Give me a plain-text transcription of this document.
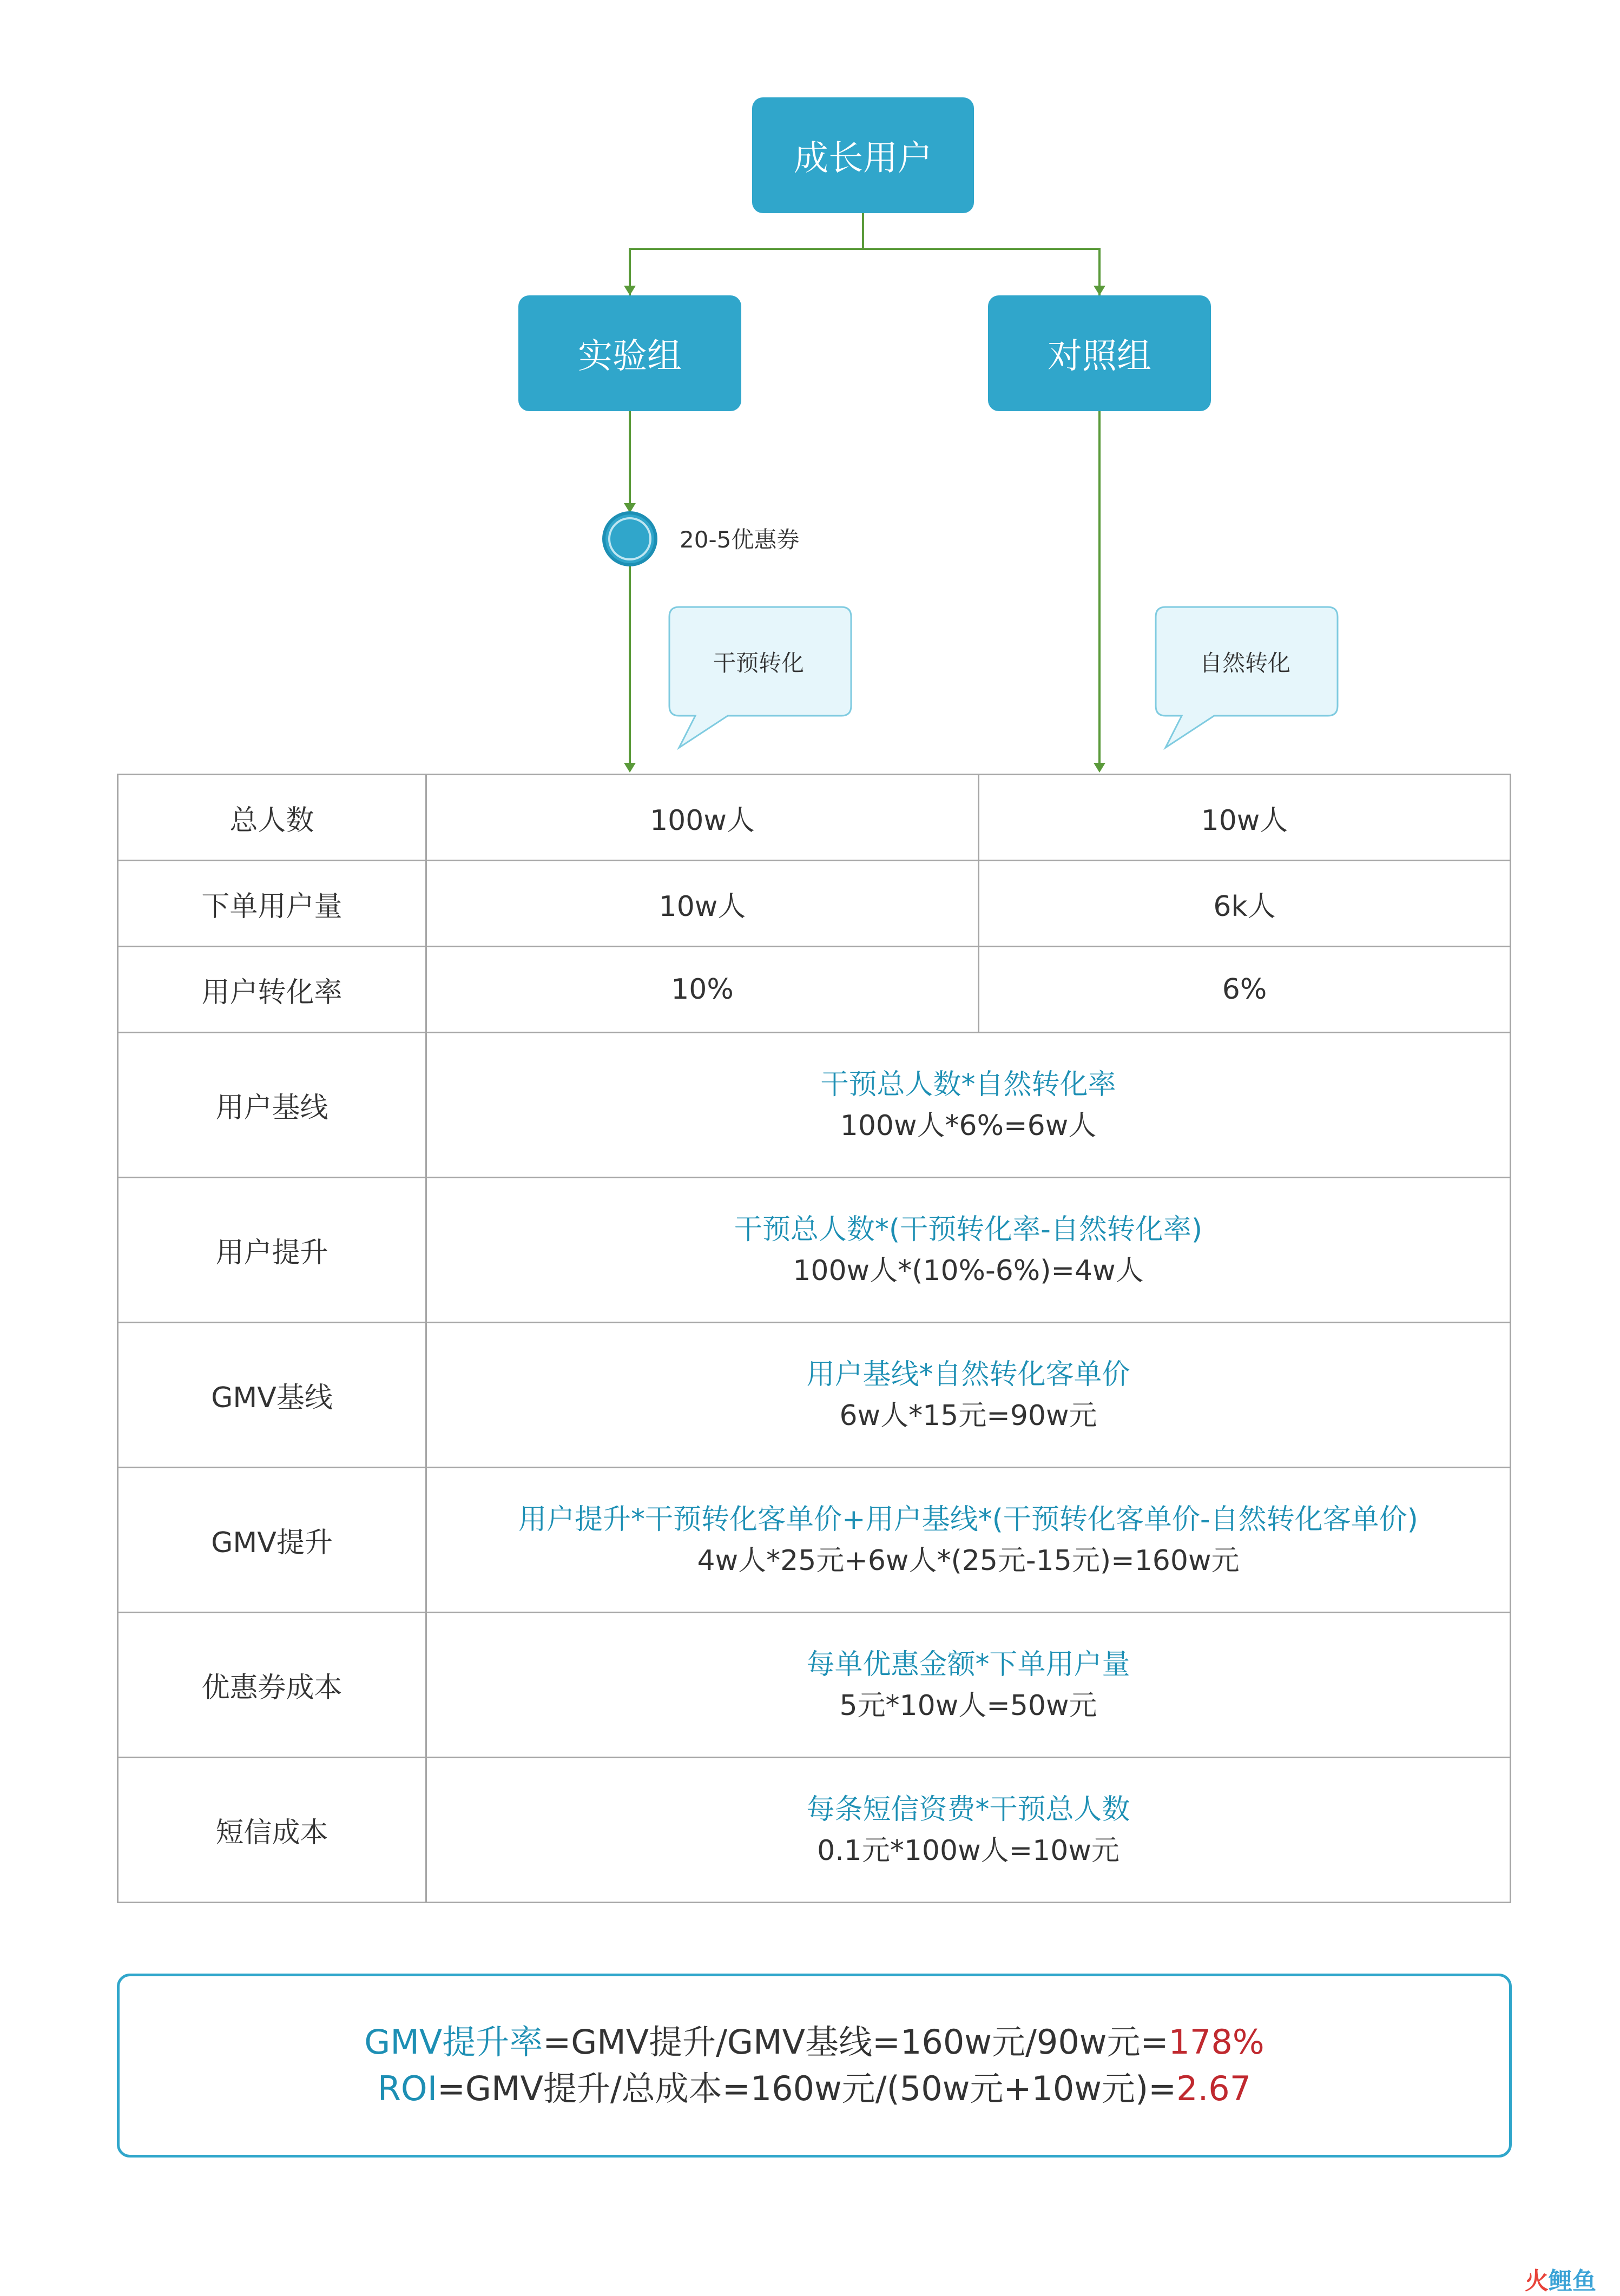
成长用户
实验组	对照组
20-5优惠券
干预转化	自然转化
总人数	100w人	10w人
下单用户量	10w人	6k人
用户转化率	10%	6%
用户基线	干预总人数*自然转化率
100w人*6%=6w人	

用户提升	干预总人数*(干预转化率-自然转化率)
100w人*(10%-6%)=4w人	

GMV基线	用户基线*自然转化客单价
6w人*15元=90w元	

GMV提升	用户提升*干预转化客单价+用户基线*(干预转化客单价-自然转化客单价)
4w人*25元+6w人*(25元-15元)=160w元	

优惠券成本	每单优惠金额*下单用户量
5元*10w人=50w元	

短信成本	每条短信资费*干预总人数
0.1元*100w人=10w元	
GMV提升率=GMV提升/GMV基线=160w元/90w元=178%
ROI=GMV提升/总成本=160w元/(50w元+10w元)=2.67
火鲤鱼
